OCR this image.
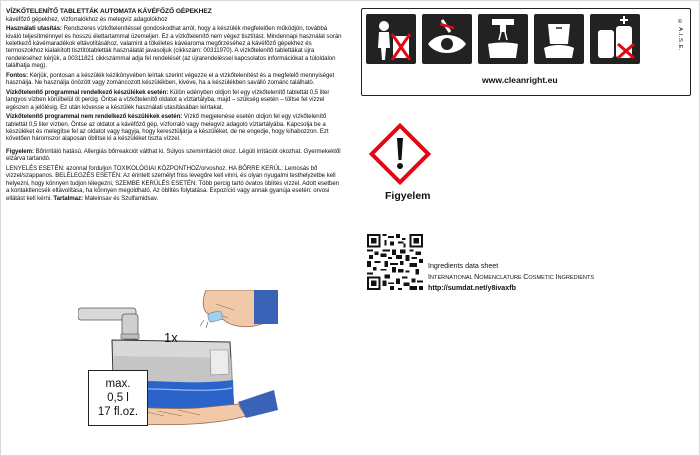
VÍZKŐTELENÍTŐ TABLETTÁK AUTOMATA KÁVÉFŐZŐ GÉPEKHEZ

kávéfőző gépekhez, vízforralókhoz és melegvíz adagolókhoz

Használati utasítás: Rendszeres vízkőtelenítéssel gondoskodhat arról, hogy a készülék megfelelően működjön, továbbá kiváló teljesítménnyel és hosszú élettartammal üzemeljen. Ez a vízkőtelenítő nem végez tisztítást. Mindennapi használat során keletkező kávémaradékok eltávolításához, valamint a tökéletes kávéaroma megőrzéséhez a kávéfőző gépekhez és termoszokhoz kialakított tisztítótabletták használatát javasoljuk (cikkszám: 00311970). A vízkőtelenítő tablettákat újra rendeléséhez kérjük, a 00311821 cikkszámmal adja fel rendelését (az újrarendeléssel kapcsolatos információkat a túloldalon találhatja meg).

Fontos: Kérjük, pontosan a készülék kézikönyvében leírtak szerint végezze el a vízkőtelenítést és a megfelelő mennyiséget használja. Ne használja önözött vagy zománcozott készülékben, kivéve, ha a készülékben saválló zománc található.

Vízkőtelenítő programmal rendelkező készülékek esetén: Külön edényben oldjon fel egy vízkőtelenítő tablettát 0,5 liter langyos vízben körülbelül öt percig. Öntse a vízkőtelenítő oldatot a víztartályba, majd – szükség esetén – töltse fel vízzel egészen a jelölésig. Ez után kövesse a készülék használati utasításában leírtakat.

Vízkőtelenítő programmal nem rendelkező készülékek esetén: Vízkő megjelenése esetén oldjon fel egy vízkőtelenítő tablettát 0,5 liter vízben. Öntse az oldatot a kávéfőző gép, vízforraló vagy melegvíz adagoló víztartályába. Kapcsolja be a készüléket és melegítse fel az oldatot vagy hagyja, hogy keresztüljárja a készüléket, de ne engedje, hogy kihabozzon. Ezt követően háromszor alaposan öblítse ki a készüléket tiszta vízzel.

Figyelem: Bőrirritáló hatású. Allergiás bőrreakciót válthat ki. Súlyos szemirritációt okoz. Légúti irritációt okozhat. Gyermekektől elzárva tartandó.

LENYELÉS ESETÉN: azonnal forduljon TOXIKOLÓGIAI KÖZPONTHOZ/orvoshoz. HA BŐRRE KERÜL: Lemosás bő vízzel/szappanos. BELÉLEGZÉS ESETÉN: Az érintett személyt friss levegőre kell vinni, és olyan nyugalmi testhelyzetbe kell helyezni, hogy könnyen tudjon lélegezni, SZEMBE KERÜLÉS ESETÉN: Több percig tartó óvatos öblítés vízzel. Adott esetben a kontaktlencsék eltávolítása, ha könnyen megoldható. Az öblítés folytatása. Expozíció vagy annak gyanúja esetén: orvosi ellátást kell kérni. Tartalmaz: Maleinsav és Szulfamidsav.

1x
max.
0,5 l
17 fl.oz.
© A.I.S.E.
www.cleanright.eu
Figyelem
Ingredients data sheet
INTERNATIONAL NOMENCLATURE COSMETIC INGREDIENTS
http://sumdat.net/y8ivaxfb
